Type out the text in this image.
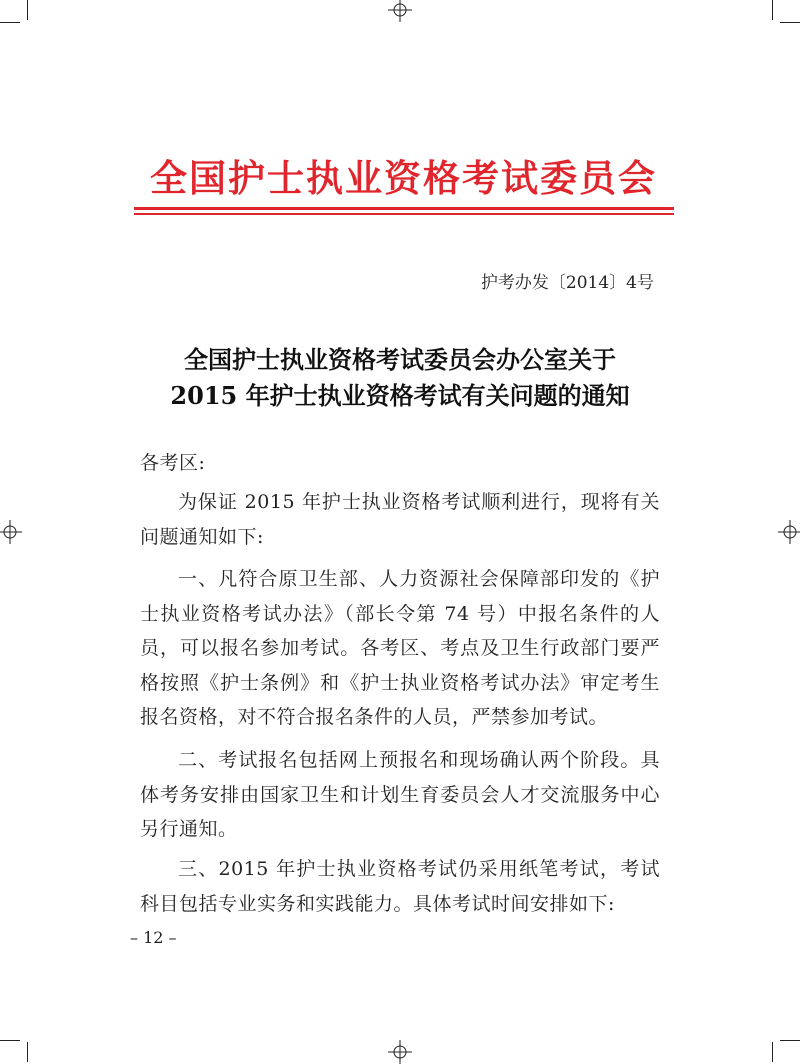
全国护士执业资格考试委员会
护考办发〔2014〕4号
全国护士执业资格考试委员会办公室关于
2015 年护士执业资格考试有关问题的通知
各考区:
为保证 2015 年护士执业资格考试顺利进行，现将有关问题通知如下:
一、凡符合原卫生部、人力资源社会保障部印发的《护士执业资格考试办法》（部长令第 74 号）中报名条件的人员，可以报名参加考试。各考区、考点及卫生行政部门要严格按照《护士条例》和《护士执业资格考试办法》审定考生报名资格，对不符合报名条件的人员，严禁参加考试。
二、考试报名包括网上预报名和现场确认两个阶段。具体考务安排由国家卫生和计划生育委员会人才交流服务中心另行通知。
三、2015 年护士执业资格考试仍采用纸笔考试，考试科目包括专业实务和实践能力。具体考试时间安排如下:
– 12 –
